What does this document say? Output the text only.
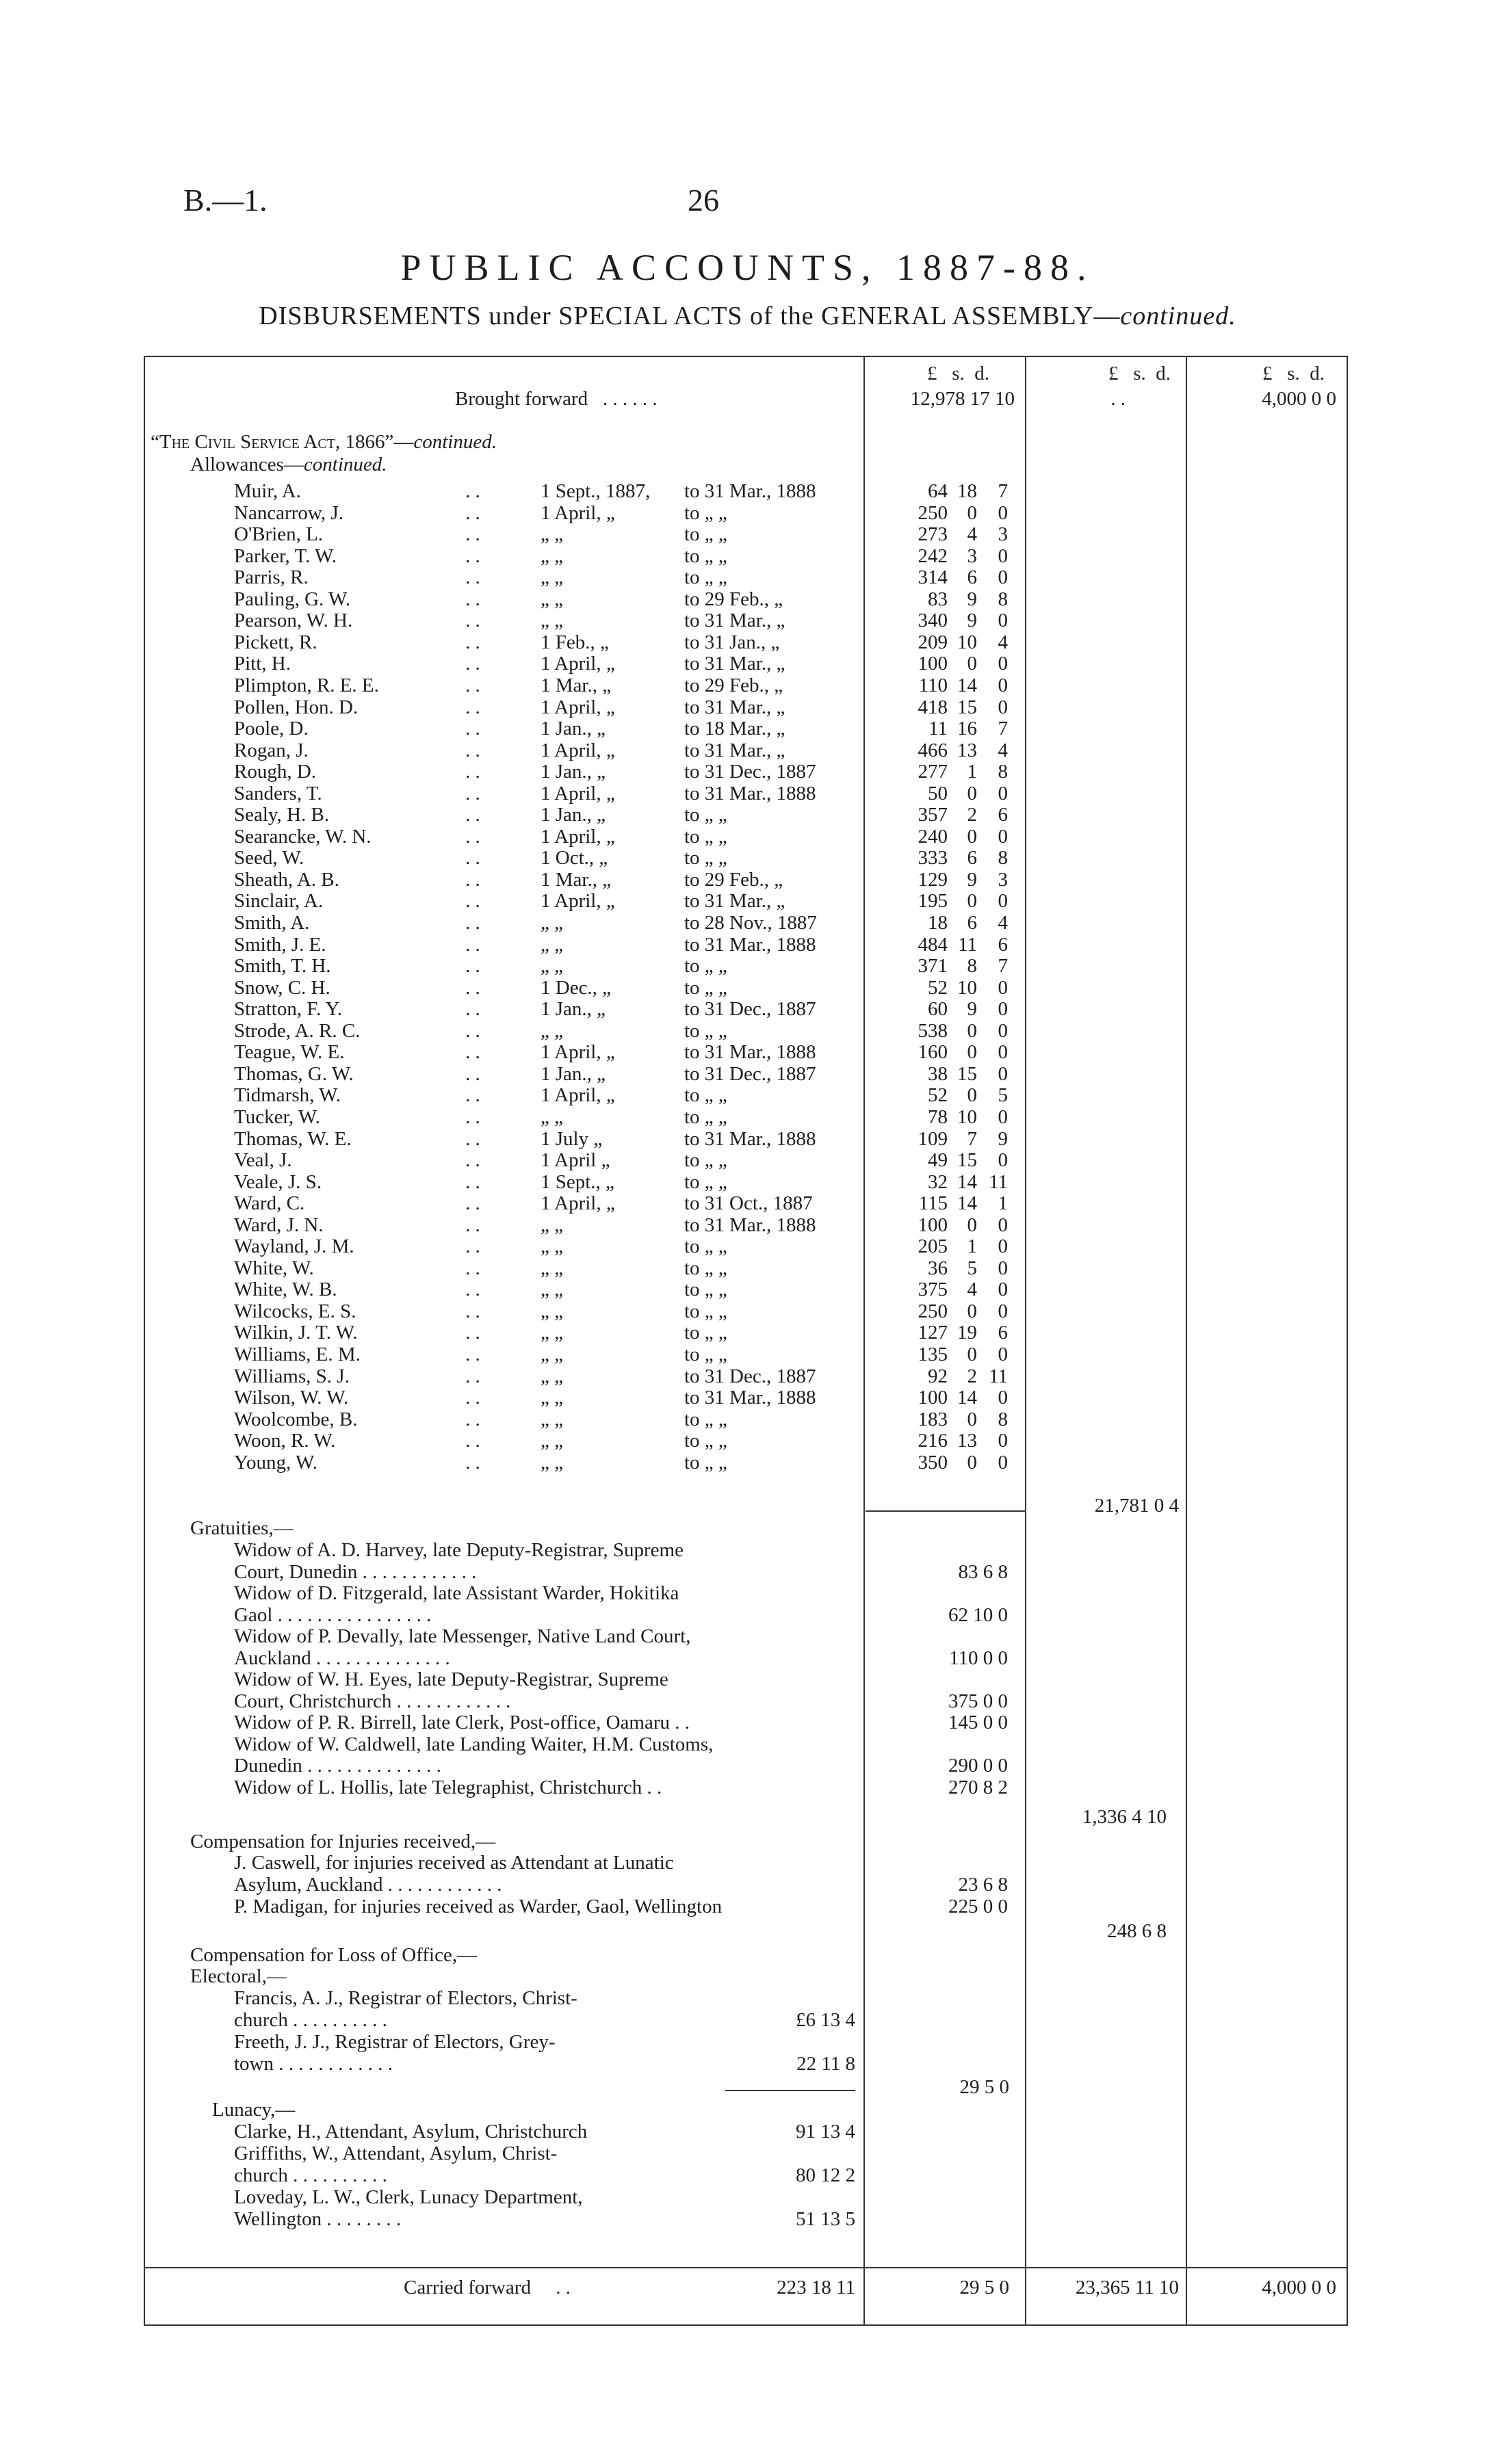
B.—1.	26
PUBLIC ACCOUNTS, 1887-88.
DISBURSEMENTS under SPECIAL ACTS of the GENERAL ASSEMBLY—continued.
£ s. d.	£ s. d.	£ s. d.
Brought forward . . . . . .	12,978 17 10	. .	4,000 0 0
“The Civil Service Act, 1866”—continued.
Allowances—continued.
Muir, A.	. .	1 Sept., 1887, to 31 Mar., 1888	64 18 7
Nancarrow, J.	. .	1 April, „	to „ „	250 0 0
O'Brien, L.	. .	„ „	to „ „	273 4 3
Parker, T. W.	. .	„ „	to „ „	242 3 0
Parris, R.	. .	„ „	to „ „	314 6 0
Pauling, G. W.	. .	„ „	to 29 Feb., „	83 9 8
Pearson, W. H.	. .	„ „	to 31 Mar., „	340 9 0
Pickett, R.	. .	1 Feb., „	to 31 Jan., „	209 10 4
Pitt, H.	. .	1 April, „	to 31 Mar., „	100 0 0
Plimpton, R. E. E.	. .	1 Mar., „	to 29 Feb., „	110 14 0
Pollen, Hon. D.	. .	1 April, „	to 31 Mar., „	418 15 0
Poole, D.	. .	1 Jan., „	to 18 Mar., „	11 16 7
Rogan, J.	. .	1 April, „	to 31 Mar., „	466 13 4
Rough, D.	. .	1 Jan., „	to 31 Dec., 1887	277 1 8
Sanders, T.	. .	1 April, „	to 31 Mar., 1888	50 0 0
Sealy, H. B.	. .	1 Jan., „	to „ „	357 2 6
Searancke, W. N.	. .	1 April, „	to „ „	240 0 0
Seed, W.	. .	1 Oct., „	to „ „	333 6 8
Sheath, A. B.	. .	1 Mar., „	to 29 Feb., „	129 9 3
Sinclair, A.	. .	1 April, „	to 31 Mar., „	195 0 0
Smith, A.	. .	„ „	to 28 Nov., 1887	18 6 4
Smith, J. E.	. .	„ „	to 31 Mar., 1888	484 11 6
Smith, T. H.	. .	„ „	to „ „	371 8 7
Snow, C. H.	. .	1 Dec., „	to „ „	52 10 0
Stratton, F. Y.	. .	1 Jan., „	to 31 Dec., 1887	60 9 0
Strode, A. R. C.	. .	„ „	to „ „	538 0 0
Teague, W. E.	. .	1 April, „	to 31 Mar., 1888	160 0 0
Thomas, G. W.	. .	1 Jan., „	to 31 Dec., 1887	38 15 0
Tidmarsh, W.	. .	1 April, „	to „ „	52 0 5
Tucker, W.	. .	„ „	to „ „	78 10 0
Thomas, W. E.	. .	1 July „	to 31 Mar., 1888	109 7 9
Veal, J.	. .	1 April „	to „ „	49 15 0
Veale, J. S.	. .	1 Sept., „	to „ „	32 14 11
Ward, C.	. .	1 April, „	to 31 Oct., 1887	115 14 1
Ward, J. N.	. .	„ „	to 31 Mar., 1888	100 0 0
Wayland, J. M.	. .	„ „	to „ „	205 1 0
White, W.	. .	„ „	to „ „	36 5 0
White, W. B.	. .	„ „	to „ „	375 4 0
Wilcocks, E. S.	. .	„ „	to „ „	250 0 0
Wilkin, J. T. W.	. .	„ „	to „ „	127 19 6
Williams, E. M.	. .	„ „	to „ „	135 0 0
Williams, S. J.	. .	„ „	to 31 Dec., 1887	92 2 11
Wilson, W. W.	. .	„ „	to 31 Mar., 1888	100 14 0
Woolcombe, B.	. .	„ „	to „ „	183 0 8
Woon, R. W.	. .	„ „	to „ „	216 13 0
Young, W.	. .	„ „	to „ „	350 0 0
21,781 0 4
Gratuities,—
Widow of A. D. Harvey, late Deputy-Registrar, Supreme
Court, Dunedin . . . . . . . . . . . .	83 6 8
Widow of D. Fitzgerald, late Assistant Warder, Hokitika
Gaol . . . . . . . . . . . . . . . .	62 10 0
Widow of P. Devally, late Messenger, Native Land Court,
Auckland . . . . . . . . . . . . . .	110 0 0
Widow of W. H. Eyes, late Deputy-Registrar, Supreme
Court, Christchurch . . . . . . . . . . . .	375 0 0
Widow of P. R. Birrell, late Clerk, Post-office, Oamaru . .	145 0 0
Widow of W. Caldwell, late Landing Waiter, H.M. Customs,
Dunedin . . . . . . . . . . . . . .	290 0 0
Widow of L. Hollis, late Telegraphist, Christchurch . .	270 8 2
1,336 4 10
Compensation for Injuries received,—
J. Caswell, for injuries received as Attendant at Lunatic
Asylum, Auckland . . . . . . . . . . . .	23 6 8
P. Madigan, for injuries received as Warder, Gaol, Wellington	225 0 0
248 6 8
Compensation for Loss of Office,—
Electoral,—
Francis, A. J., Registrar of Electors, Christ-
church . . . . . . . . . .	£6 13 4
Freeth, J. J., Registrar of Electors, Grey-
town . . . . . . . . . . . .	22 11 8
29 5 0
Lunacy,—
Clarke, H., Attendant, Asylum, Christchurch	91 13 4
Griffiths, W., Attendant, Asylum, Christ-
church . . . . . . . . . .	80 12 2
Loveday, L. W., Clerk, Lunacy Department,
Wellington . . . . . . . .	51 13 5
Carried forward . .	223 18 11	29 5 0	23,365 11 10	4,000 0 0
